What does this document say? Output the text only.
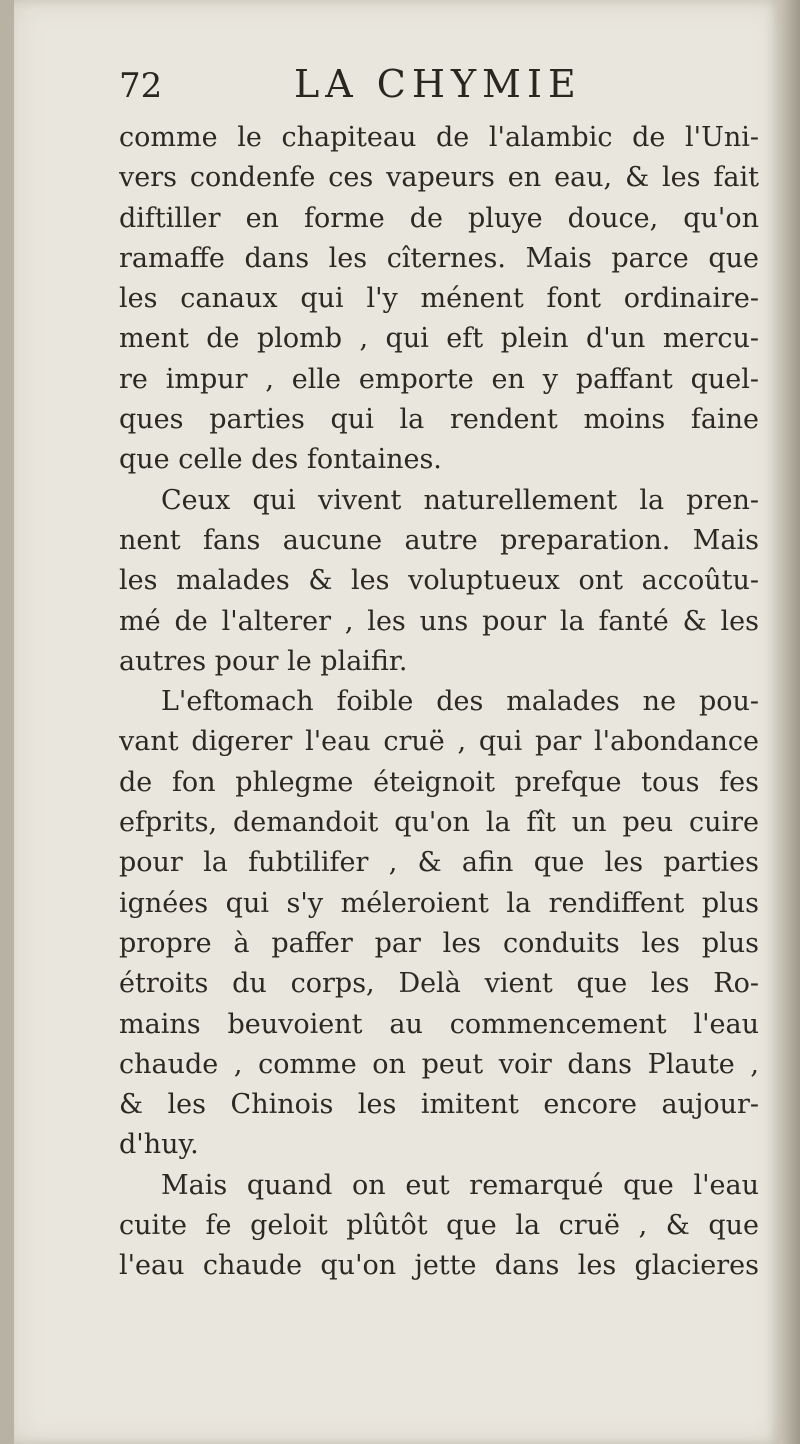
72	LA CHYMIE
comme le chapiteau de l'alambic de l'Uni-
vers condenfe ces vapeurs en eau, & les fait
diftiller en forme de pluye douce, qu'on
ramaffe dans les cîternes. Mais parce que
les canaux qui l'y ménent font ordinaire-
ment de plomb , qui eft plein d'un mercu-
re impur , elle emporte en y paffant quel-
ques parties qui la rendent moins faine
que celle des fontaines.
Ceux qui vivent naturellement la pren-
nent fans aucune autre preparation. Mais
les malades & les voluptueux ont accoûtu-
mé de l'alterer , les uns pour la fanté & les
autres pour le plaifir.
L'eftomach foible des malades ne pou-
vant digerer l'eau cruë , qui par l'abondance
de fon phlegme éteignoit prefque tous fes
efprits, demandoit qu'on la fît un peu cuire
pour la fubtilifer , & afin que les parties
ignées qui s'y méleroient la rendiffent plus
propre à paffer par les conduits les plus
étroits du corps, Delà vient que les Ro-
mains beuvoient au commencement l'eau
chaude , comme on peut voir dans Plaute ,
& les Chinois les imitent encore aujour-
d'huy.
Mais quand on eut remarqué que l'eau
cuite fe geloit plûtôt que la cruë , & que
l'eau chaude qu'on jette dans les glacieres
